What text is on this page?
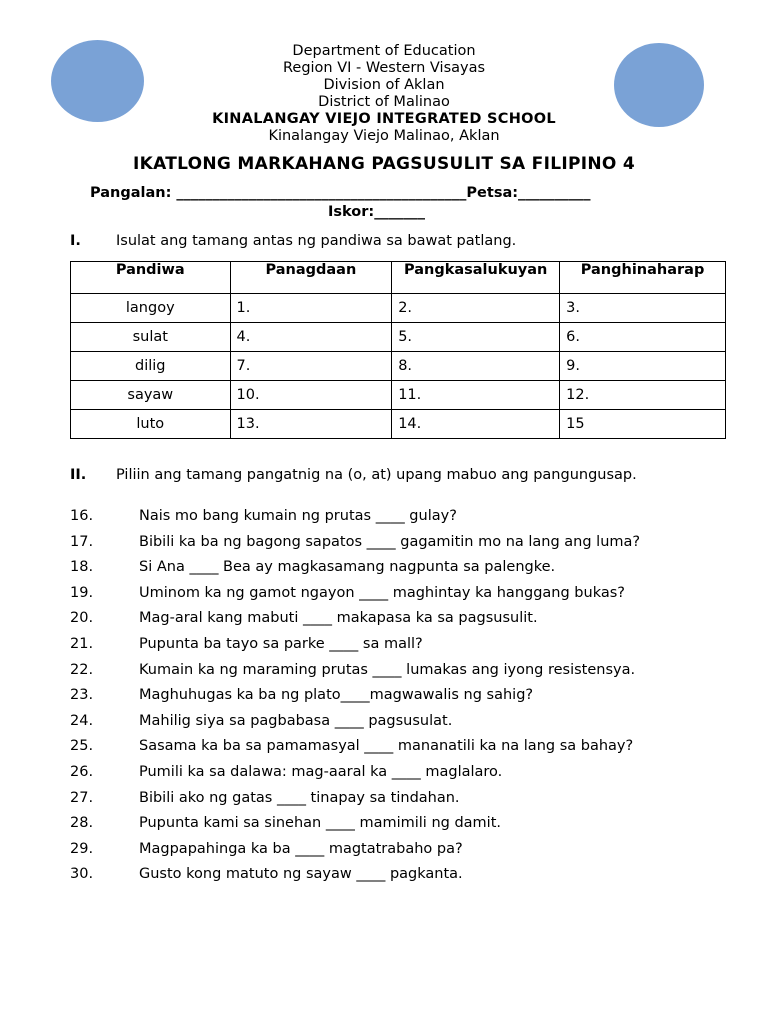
Department of Education
Region VI - Western Visayas
Division of Aklan
District of Malinao
KINALANGAY VIEJO INTEGRATED SCHOOL
Kinalangay Viejo Malinao, Aklan
IKATLONG MARKAHANG PAGSUSULIT SA FILIPINO 4
Pangalan: ________________________________________Petsa:__________
Iskor:_______
I. Isulat ang tamang antas ng pandiwa sa bawat patlang.
Pandiwa	Panagdaan	Pangkasalukuyan	Panghinaharap
langoy	1.	2.	3.
sulat	4.	5.	6.
dilig	7.	8.	9.
sayaw	10.	11.	12.
luto	13.	14.	15
II. Piliin ang tamang pangatnig na (o, at) upang mabuo ang pangungusap.
16.	Nais mo bang kumain ng prutas ____ gulay?
17.	Bibili ka ba ng bagong sapatos ____ gagamitin mo na lang ang luma?
18.	Si Ana ____ Bea ay magkasamang nagpunta sa palengke.
19.	Uminom ka ng gamot ngayon ____ maghintay ka hanggang bukas?
20.	Mag-aral kang mabuti ____ makapasa ka sa pagsusulit.
21.	Pupunta ba tayo sa parke ____ sa mall?
22.	Kumain ka ng maraming prutas ____ lumakas ang iyong resistensya.
23.	Maghuhugas ka ba ng plato____magwawalis ng sahig?
24.	Mahilig siya sa pagbabasa ____ pagsusulat.
25.	Sasama ka ba sa pamamasyal ____ mananatili ka na lang sa bahay?
26.	Pumili ka sa dalawa: mag-aaral ka ____ maglalaro.
27.	Bibili ako ng gatas ____ tinapay sa tindahan.
28.	Pupunta kami sa sinehan ____ mamimili ng damit.
29.	Magpapahinga ka ba ____ magtatrabaho pa?
30.	Gusto kong matuto ng sayaw ____ pagkanta.
